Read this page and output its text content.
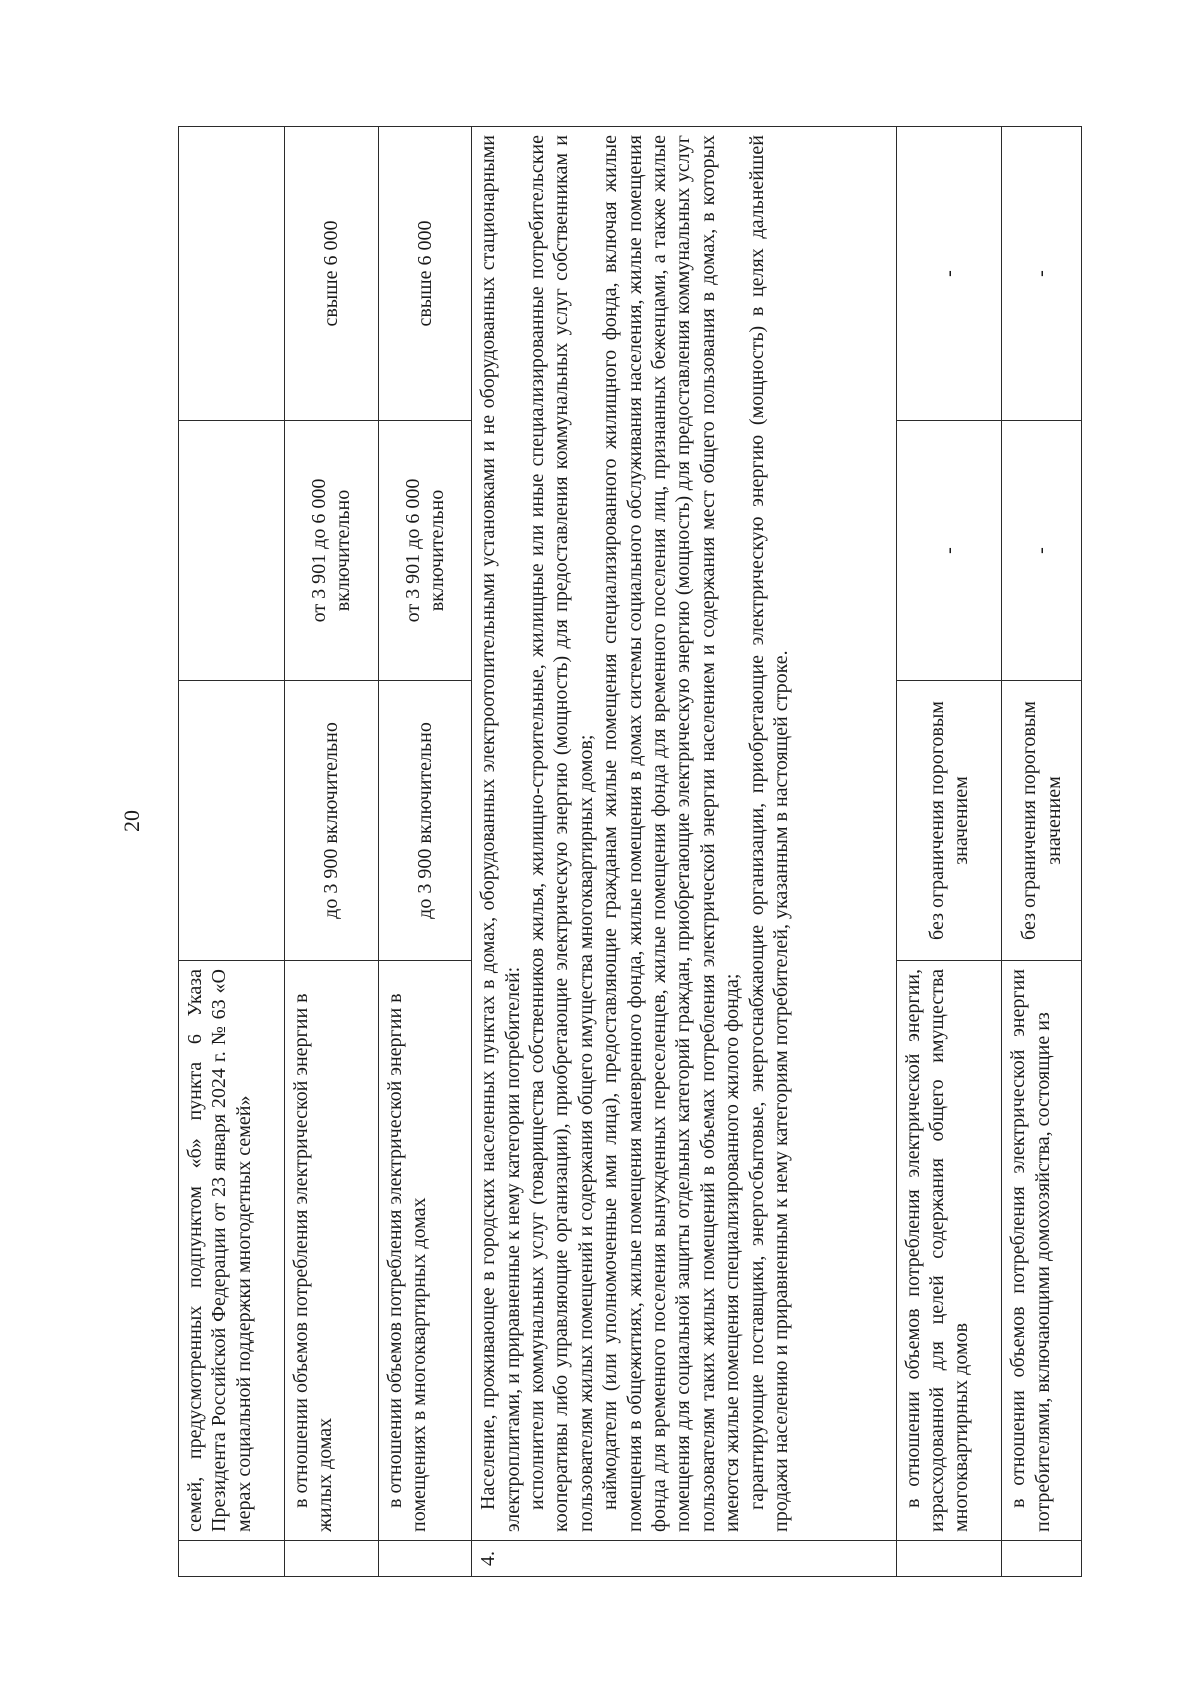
20
	семей, предусмотренных подпунктом «б» пункта 6 Указа Президента Российской Федерации от 23 января 2024 г. № 63 «О мерах социальной поддержки многодетных семей»			
	в отношении объемов потребления электрической энергии в жилых домах	до 3 900 включительно	от 3 901 до 6 000 включительно	свыше 6 000
	в отношении объемов потребления электрической энергии в помещениях в многоквартирных домах	до 3 900 включительно	от 3 901 до 6 000 включительно	свыше 6 000
4.	Население, проживающее в городских населенных пунктах в домах, оборудованных электроотопительными установками и не оборудованных стационарными электроплитами, и приравненные к нему категории потребителей: исполнители коммунальных услуг (товарищества собственников жилья, жилищно-строительные, жилищные или иные специализированные потребительские кооперативы либо управляющие организации), приобретающие электрическую энергию (мощность) для предоставления коммунальных услуг собственникам и пользователям жилых помещений и содержания общего имущества многоквартирных домов; наймодатели (или уполномоченные ими лица), предоставляющие гражданам жилые помещения специализированного жилищного фонда, включая жилые помещения в общежитиях, жилые помещения маневренного фонда, жилые помещения в домах системы социального обслуживания населения, жилые помещения фонда для временного поселения вынужденных переселенцев, жилые помещения фонда для временного поселения лиц, признанных беженцами, а также жилые помещения для социальной защиты отдельных категорий граждан, приобретающие электрическую энергию (мощность) для предоставления коммунальных услуг пользователям таких жилых помещений в объемах потребления электрической энергии населением и содержания мест общего пользования в домах, в которых имеются жилые помещения специализированного жилого фонда; гарантирующие поставщики, энергосбытовые, энергоснабжающие организации, приобретающие электрическую энергию (мощность) в целях дальнейшей продажи населению и приравненным к нему категориям потребителей, указанным в настоящей строке.			

	в отношении объемов потребления электрической энергии, израсходованной для целей содержания общего имущества многоквартирных домов	без ограничения пороговым значением	-	-
	в отношении объемов потребления электрической энергии потребителями, включающими домохозяйства, состоящие из	без ограничения пороговым значением	-	-
